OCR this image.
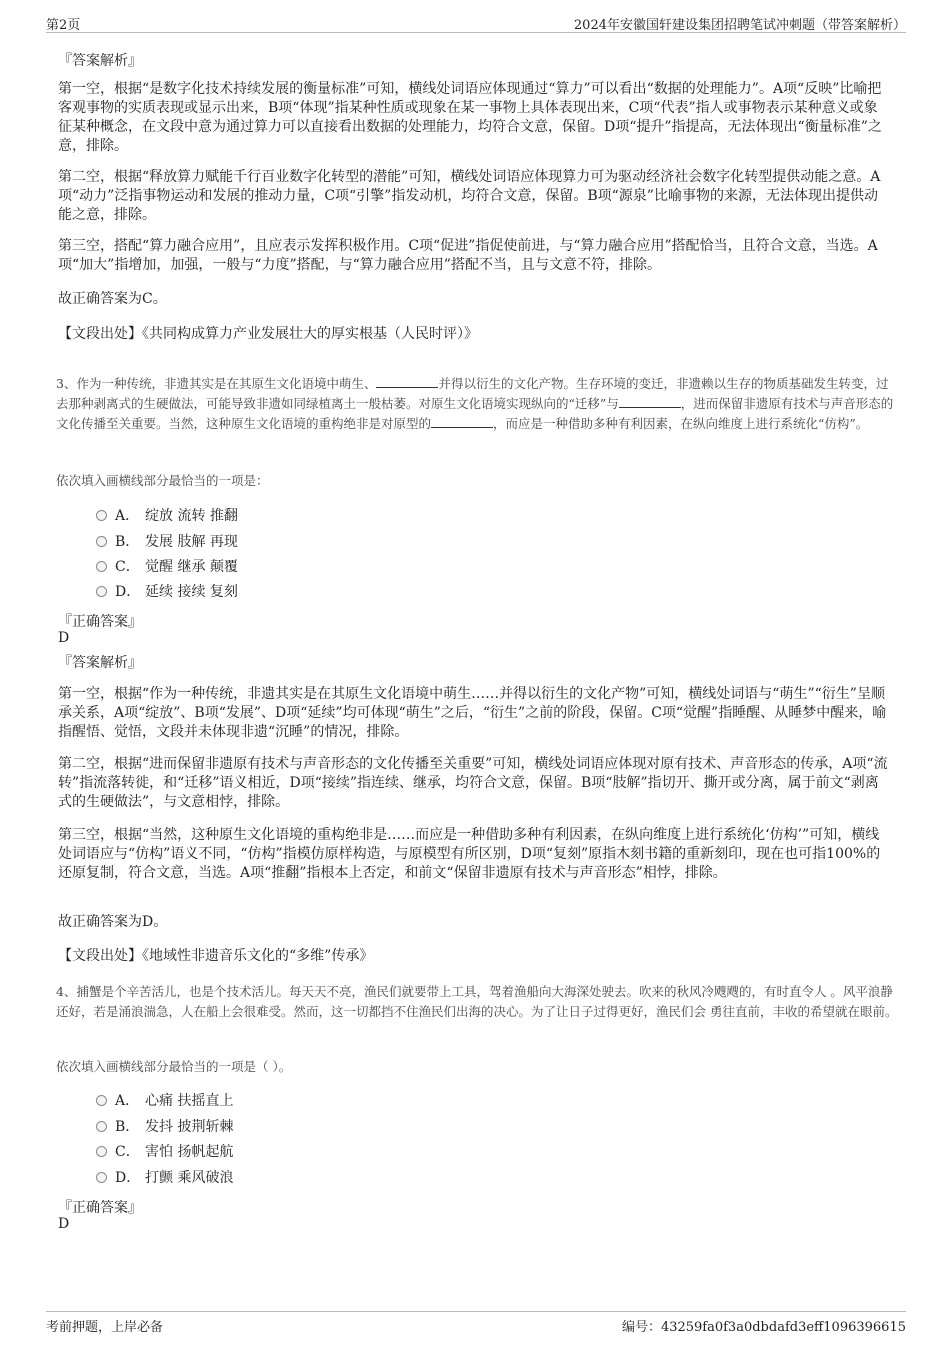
第2页	2024年安徽国轩建设集团招聘笔试冲刺题（带答案解析）
『答案解析』
第一空，根据“是数字化技术持续发展的衡量标准”可知，横线处词语应体现通过“算力”可以看出“数据的处理能力”。A项“反映”比喻把客观事物的实质表现或显示出来，B项“体现”指某种性质或现象在某一事物上具体表现出来，C项“代表”指人或事物表示某种意义或象征某种概念，在文段中意为通过算力可以直接看出数据的处理能力，均符合文意，保留。D项“提升”指提高，无法体现出“衡量标准”之意，排除。
第二空，根据“释放算力赋能千行百业数字化转型的潜能”可知，横线处词语应体现算力可为驱动经济社会数字化转型提供动能之意。A项“动力”泛指事物运动和发展的推动力量，C项“引擎”指发动机，均符合文意，保留。B项“源泉”比喻事物的来源，无法体现出提供动能之意，排除。
第三空，搭配“算力融合应用”，且应表示发挥积极作用。C项“促进”指促使前进，与“算力融合应用”搭配恰当，且符合文意，当选。A项“加大”指增加，加强，一般与“力度”搭配，与“算力融合应用”搭配不当，且与文意不符，排除。
故正确答案为C。
【文段出处】《共同构成算力产业发展壮大的厚实根基（人民时评）》
3、作为一种传统，非遗其实是在其原生文化语境中萌生、	并得以衍生的文化产物。生存环境的变迁，非遗赖以生存的物质基础发生转变，过去那种剥离式的生硬做法，可能导致非遗如同绿植离土一般枯萎。对原生文化语境实现纵向的“迁移”与	，进而保留非遗原有技术与声音形态的文化传播至关重要。当然，这种原生文化语境的重构绝非是对原型的	，而应是一种借助多种有利因素，在纵向维度上进行系统化“仿构”。
依次填入画横线部分最恰当的一项是：
A． 绽放 流转 推翻
B． 发展 肢解 再现
C． 觉醒 继承 颠覆
D． 延续 接续 复刻
『正确答案』
D
『答案解析』
第一空，根据“作为一种传统，非遗其实是在其原生文化语境中萌生……并得以衍生的文化产物”可知，横线处词语与“萌生”“衍生”呈顺承关系，A项“绽放”、B项“发展”、D项“延续”均可体现“萌生”之后，“衍生”之前的阶段，保留。C项“觉醒”指睡醒、从睡梦中醒来，喻指醒悟、觉悟，文段并未体现非遗“沉睡”的情况，排除。
第二空，根据“进而保留非遗原有技术与声音形态的文化传播至关重要”可知，横线处词语应体现对原有技术、声音形态的传承，A项“流转”指流落转徙，和“迁移”语义相近，D项“接续”指连续、继承，均符合文意，保留。B项“肢解”指切开、撕开或分离，属于前文“剥离式的生硬做法”，与文意相悖，排除。
第三空，根据“当然，这种原生文化语境的重构绝非是……而应是一种借助多种有利因素，在纵向维度上进行系统化‘仿构’”可知，横线处词语应与“仿构”语义不同，“仿构”指模仿原样构造，与原模型有所区别，D项“复刻”原指木刻书籍的重新刻印，现在也可指100%的还原复制，符合文意，当选。A项“推翻”指根本上否定，和前文“保留非遗原有技术与声音形态”相悖，排除。
故正确答案为D。
【文段出处】《地域性非遗音乐文化的“多维”传承》
4、捕蟹是个辛苦活儿，也是个技术活儿。每天天不亮，渔民们就要带上工具，驾着渔船向大海深处驶去。吹来的秋风冷飕飕的，有时直令人 。风平浪静还好，若是涌浪湍急，人在船上会很难受。然而，这一切都挡不住渔民们出海的决心。为了让日子过得更好，渔民们会 勇往直前，丰收的希望就在眼前。
依次填入画横线部分最恰当的一项是（ ）。
A． 心痛 扶摇直上
B． 发抖 披荆斩棘
C． 害怕 扬帆起航
D． 打颤 乘风破浪
『正确答案』
D
考前押题，上岸必备	编号：43259fa0f3a0dbdafd3eff1096396615
